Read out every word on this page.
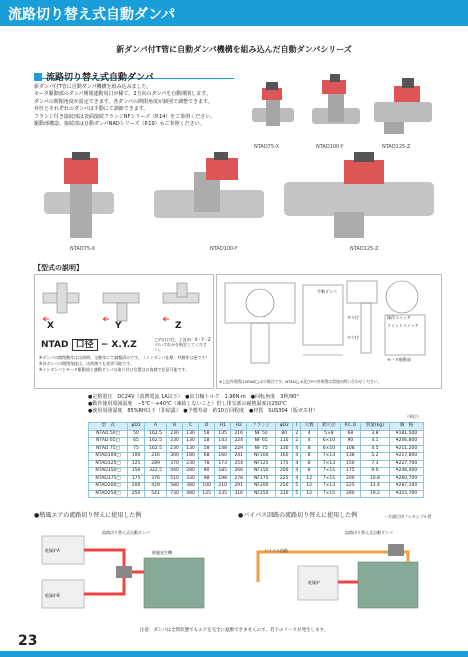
流路切り替え式自動ダンパ
新ダンパ付T管に自動ダンパ機構を組み込んだ自動ダンパシリーズ
流路切り替え式自動ダンパ
新ダンパ付T管に自動ダンパ機構を組み込みました。
モータ駆動部のダンパ開閉連動用口が稀て、2方向のダンパを自動開閉します。
ダンパの開閉角度が設定できます。各ダンパの開閉角度が個別で調整できます。
弁径とそれぞれのダンパは手動にて調節できます。
フランジ付き接続部は表面接続フランジNFシリーズ（P.14）をご参照ください。
駆動部構造、接続部は自動ダンパNADシリーズ（P.19）もご参照ください。
NTAD75-X	NTAD100-Y	NTAD125-Z
NTAD75-X	NTAD100-Y	NTAD125-Z
【型式の説明】
X	Y	Z
NTAD 口径 − X.Y.Z
□内は口径、上流向：X・Y・Zのいずれかを指定してください。
※ダンパの開閉動作は出荷時、全動作にて調整済みです。（インダンパ仕様：弁動作は逆です）
※各ダンパの開閉角度は、出荷後でも変更可能です。
※インダンパとモータ駆動部と連動ダンパの取り付け位置はお客様で任意可能です。
手動ダンパ
ギヤ付	操作スイッチ
リミットスイッチ
ギヤ付
モータ駆動部
※上記外形図はNTAD□-Zの場合です。NTAD□-X及びYの外形図は別途お問い合わせください。
●定格電圧　DC24V（消費電流 1A以下）　●出力軸トルク　1.96N·m　●回転角度　3秒/90°
●動作使用周囲温度　−5℃〜+40℃（凍結しないこと）但し排気部の耐熱温度は250℃
●使用周囲湿度　85%RH以下（非結露）　●予想寿命　約10万回程度　●材質　SUS304（版ガス材）
（単位）
型　式	φD1	A	B	C	D	H1	H2	フランジ	φD2	I	穴数	鍔穴径	P.C.D	質量(kg)	価　格
NTAD 50□	50	162.5	230	130	58	135	216	NF 50	80	2	4	5×8	68	3.8	¥181,500
NTAD 65□	65	162.5	230	130	58	143	224	NF 65	110	2	4	6×10	90	4.1	¥206,800
NTAD 75□	75	162.5	230	130	58	148	229	NF 75	130	4	8	6×10	108	4.5	¥211,200
NTAD100□	100	216	300	180	68	160	241	NF100	160	4	8	7×13	138	5.2	¥217,800
NTAD125□	125	289	370	230	78	173	254	NF125	175	4	8	7×13	150	7.3	¥227,700
NTAD150□	150	322.5	440	280	80	185	266	NF150	200	4	8	7×15	175	9.0	¥246,400
NTAD175□	175	376	510	330	98	198	278	NF175	225	4	12	7×15	200	10.8	¥260,700
NTAD200□	200	429	580	380	100	210	291	NF200	250	5	12	7×13	225	13.4	¥287,100
NTAD250□	250	541	730	480	125	235	316	NF250	310	5	12	7×15	280	19.2	¥315,700
●熱風エアの流路切り替えに使用した例	●バイパス回路の流路切り替えに使用した例
乾燥炉A
乾燥炉B
流路切り替え式自動ダンパ
熱風発生機
一方通行用フレキシブル管
流路切り替え式自動ダンパ
乾燥炉
バイパス回路
注意：ダンパは全閉状態でもエアを完全に遮断できませんので、若干のリークが発生します。
23
